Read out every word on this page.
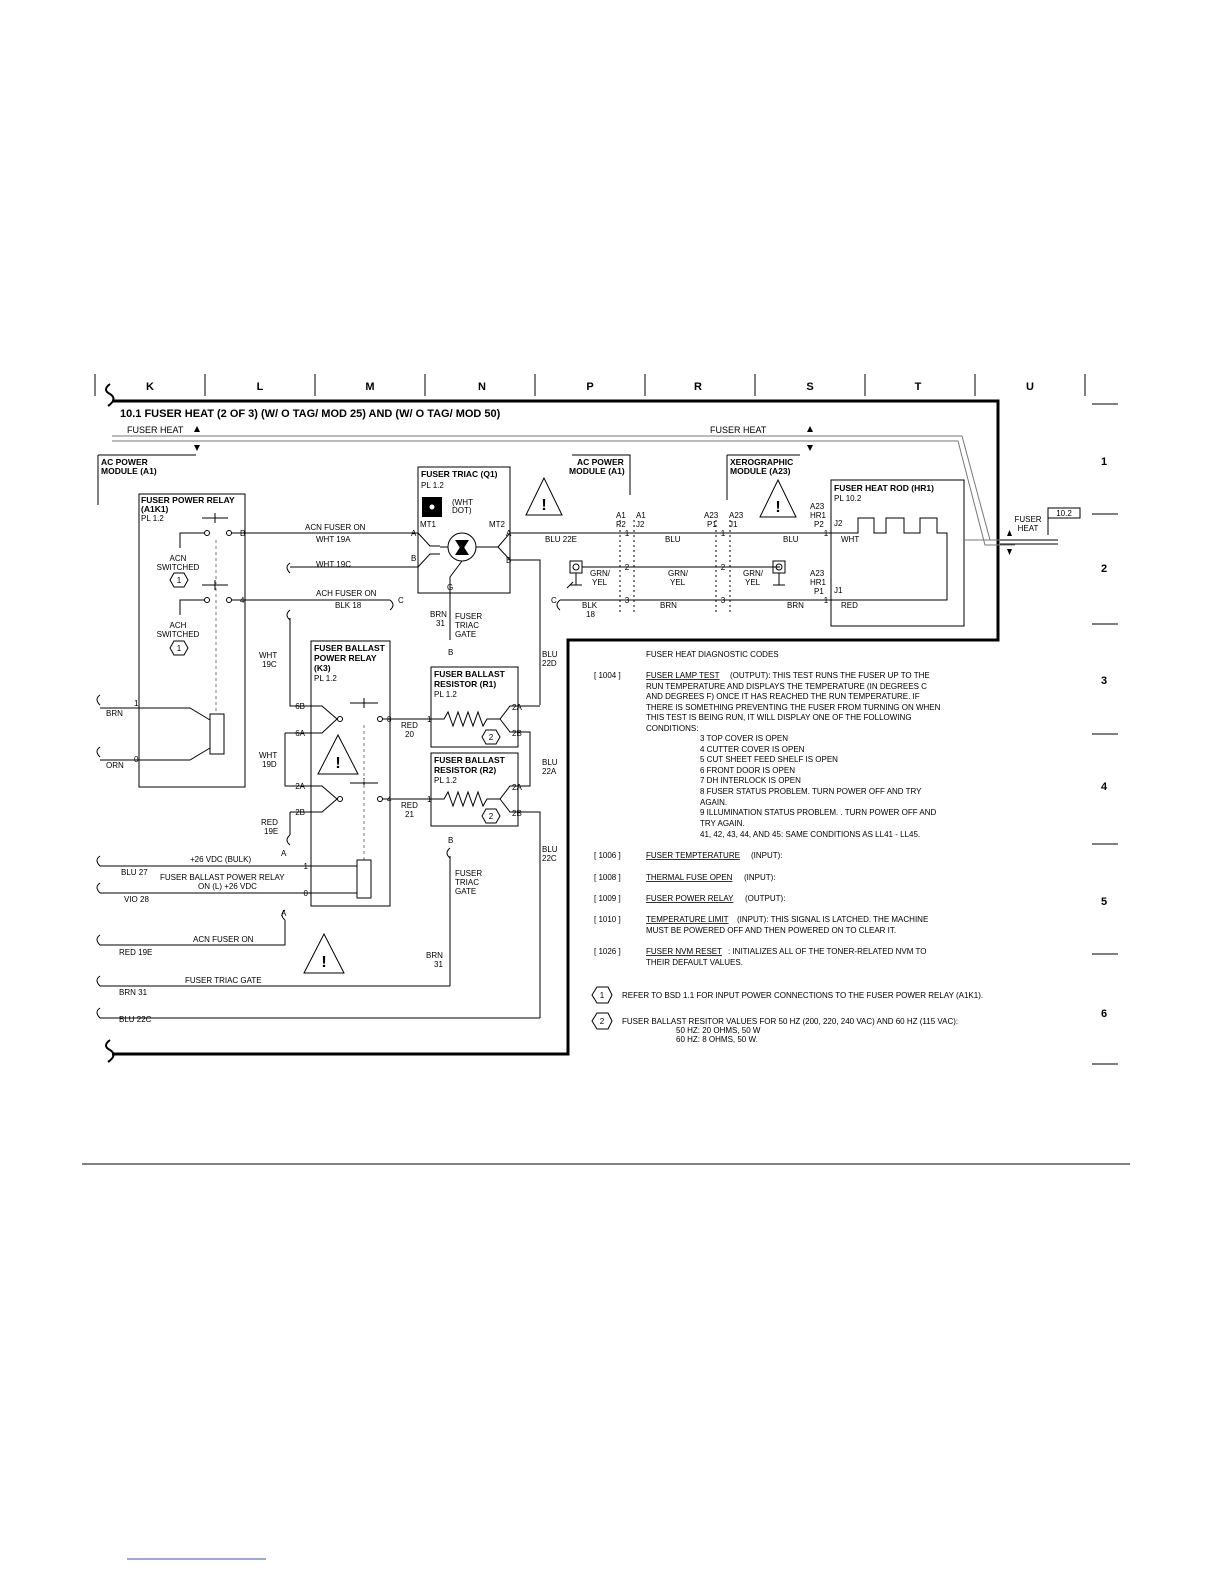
K	L	M	N	P	R	S	T	U
1
2
3
4
5
6
10.1 FUSER HEAT (2 OF 3) (W/ O TAG/ MOD 25) AND (W/ O TAG/ MOD 50)
FUSER HEAT	FUSER HEAT
AC POWER
MODULE (A1)
FUSER POWER RELAY
(A1K1)
PL 1.2
ACN
SWITCHED
1
ACH
SWITCHED
1
B
4
1
0
BRN
ORN
ACN FUSER ON
WHT 19A
A
WHT 19C
B
ACH FUSER ON
BLK 18
C
FUSER TRIAC (Q1)
PL 1.2
(WHT
DOT)
MT1	MT2
G
A
B
BLU 22E
!
AC POWER
MODULE (A1)
XEROGRAPHIC
MODULE (A23)
!
A1
P2
A1
J2
A23
P1
A23
J1
A23
HR1
P2
A23
HR1
P1
1	1
2	2
3	3
1
1
BLU	BLU
GRN/
YEL
GRN/
YEL
GRN/
YEL
C
BLK
18
BRN	BRN
FUSER HEAT ROD (HR1)
PL 10.2
J2
J1
WHT
RED
10.2
FUSER
HEAT
BRN
31
FUSER
TRIAC
GATE
B
FUSER BALLAST
POWER RELAY
(K3)
PL 1.2
6B
6A
2A
2B
8
4
1
0
!
WHT
19C
WHT
19D
RED
19E
A
FUSER BALLAST
RESISTOR (R1)
PL 1.2
2
1
2A
2B
RED
20
FUSER BALLAST
RESISTOR (R2)
PL 1.2
2
1
2A
2B
RED
21
BLU
22D
BLU
22A
BLU
22C
B
FUSER
TRIAC
GATE
BRN
31
+26 VDC (BULK)
BLU 27
FUSER BALLAST POWER RELAY
ON (L) +26 VDC
VIO 28
A
ACN FUSER ON
RED 19E
FUSER TRIAC GATE
BRN 31
BLU 22C
!
FUSER HEAT DIAGNOSTIC CODES
[ 1004 ]	FUSER LAMP TEST (OUTPUT): THIS TEST RUNS THE FUSER UP TO THE
RUN TEMPERATURE AND DISPLAYS THE TEMPERATURE (IN DEGREES C
AND DEGREES F) ONCE IT HAS REACHED THE RUN TEMPERATURE. IF
THERE IS SOMETHING PREVENTING THE FUSER FROM TURNING ON WHEN
THIS TEST IS BEING RUN, IT WILL DISPLAY ONE OF THE FOLLOWING
CONDITIONS:
3 TOP COVER IS OPEN
4 CUTTER COVER IS OPEN
5 CUT SHEET FEED SHELF IS OPEN
6 FRONT DOOR IS OPEN
7 DH INTERLOCK IS OPEN
8 FUSER STATUS PROBLEM. TURN POWER OFF AND TRY
AGAIN.
9 ILLUMINATION STATUS PROBLEM. . TURN POWER OFF AND
TRY AGAIN.
41, 42, 43, 44, AND 45: SAME CONDITIONS AS LL41 - LL45.
[ 1006 ]	FUSER TEMPTERATURE (INPUT):
[ 1008 ]	THERMAL FUSE OPEN (INPUT):
[ 1009 ]	FUSER POWER RELAY (OUTPUT):
[ 1010 ]	TEMPERATURE LIMIT (INPUT): THIS SIGNAL IS LATCHED. THE MACHINE
MUST BE POWERED OFF AND THEN POWERED ON TO CLEAR IT.
[ 1026 ]	FUSER NVM RESET : INITIALIZES ALL OF THE TONER-RELATED NVM TO
THEIR DEFAULT VALUES.
1 REFER TO BSD 1.1 FOR INPUT POWER CONNECTIONS TO THE FUSER POWER RELAY (A1K1).
2 FUSER BALLAST RESITOR VALUES FOR 50 HZ (200, 220, 240 VAC) AND 60 HZ (115 VAC):
50 HZ: 20 OHMS, 50 W
60 HZ: 8 OHMS, 50 W.
